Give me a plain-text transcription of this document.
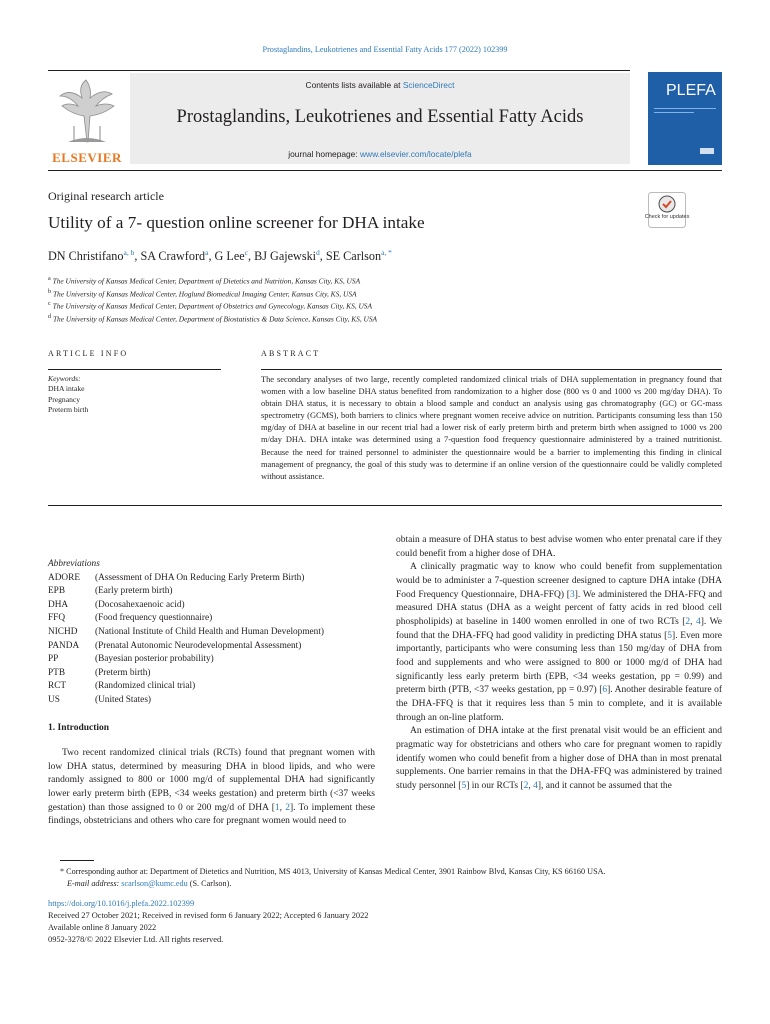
Prostaglandins, Leukotrienes and Essential Fatty Acids 177 (2022) 102399
ELSEVIER
Contents lists available at ScienceDirect
Prostaglandins, Leukotrienes and Essential Fatty Acids
journal homepage: www.elsevier.com/locate/plefa
PLEFA
Original research article
Utility of a 7- question online screener for DHA intake	Check for updates
DN Christifano$^{a, b}$, SA Crawford$^a$, G Lee$^c$, BJ Gajewski$^d$, SE Carlson$^{a, *}$
$^a$ The University of Kansas Medical Center, Department of Dietetics and Nutrition, Kansas City, KS, USA
$^b$ The University of Kansas Medical Center, Hoglund Biomedical Imaging Center, Kansas City, KS, USA
$^c$ The University of Kansas Medical Center, Department of Obstetrics and Gynecology, Kansas City, KS, USA
$^d$ The University of Kansas Medical Center, Department of Biostatistics & Data Science, Kansas City, KS, USA
ARTICLE INFO	ABSTRACT
Keywords:
DHA intake
Pregnancy
Preterm birth
The secondary analyses of two large, recently completed randomized clinical trials of DHA supplementation in pregnancy found that women with a low baseline DHA status benefited from randomization to a higher dose (800 vs 0 and 1000 vs 200 mg/day DHA). To obtain DHA status, it is necessary to obtain a blood sample and conduct an analysis using gas chromatography (GC) or GC-mass spectrometry (GCMS), both barriers to clinics where pregnant women receive advice on nutrition. Participants consuming less than 150 mg/day of DHA at baseline in our recent trial had a lower risk of early preterm birth and preterm birth when assigned to 1000 vs 200 m/day DHA. DHA intake was determined using a 7-question food frequency questionnaire administered by a trained nutritionist. Because the need for trained personnel to administer the questionnaire would be a barrier to implementing this finding in clinical management of pregnancy, the goal of this study was to determine if an online version of the questionnaire could be validly completed without assistance.
Abbreviations
ADORE	(Assessment of DHA On Reducing Early Preterm Birth)
EPB	(Early preterm birth)
DHA	(Docosahexaenoic acid)
FFQ	(Food frequency questionnaire)
NICHD	(National Institute of Child Health and Human Development)
PANDA	(Prenatal Autonomic Neurodevelopmental Assessment)
PP	(Bayesian posterior probability)
PTB	(Preterm birth)
RCT	(Randomized clinical trial)
US	(United States)
1. Introduction
Two recent randomized clinical trials (RCTs) found that pregnant women with low DHA status, determined by measuring DHA in blood lipids, and who were randomly assigned to 800 or 1000 mg/d of supplemental DHA had significantly lower early preterm birth (EPB, <34 weeks gestation) and preterm birth (<37 weeks gestation) than those assigned to 0 or 200 mg/d of DHA [1, 2]. To implement these findings, obstetricians and others who care for pregnant women would need to
obtain a measure of DHA status to best advise women who enter prenatal care if they could benefit from a higher dose of DHA.
A clinically pragmatic way to know who could benefit from supplementation would be to administer a 7-question screener designed to capture DHA intake (DHA Food Frequency Questionnaire, DHA-FFQ) [3]. We administered the DHA-FFQ and measured DHA status (DHA as a weight percent of fatty acids in red blood cell phospholipids) at baseline in 1400 women enrolled in one of two RCTs [2, 4]. We found that the DHA-FFQ had good validity in predicting DHA status [5]. Even more importantly, participants who were consuming less than 150 mg/day of DHA from food and supplements and who were assigned to 800 or 1000 mg/d of DHA had significantly less early preterm birth (EPB, <34 weeks gestation, pp = 0.99) and preterm birth (PTB, <37 weeks gestation, pp = 0.97) [6]. Another desirable feature of the DHA-FFQ is that it requires less than 5 min to complete, and it is available through an on-line platform.
An estimation of DHA intake at the first prenatal visit would be an efficient and pragmatic way for obstetricians and others who care for pregnant women to rapidly identify women who could benefit from a higher dose of DHA than in most prenatal supplements. One barrier remains in that the DHA-FFQ was administered by trained study personnel [5] in our RCTs [2, 4], and it cannot be assumed that the
* Corresponding author at: Department of Dietetics and Nutrition, MS 4013, University of Kansas Medical Center, 3901 Rainbow Blvd, Kansas City, KS 66160 USA.
E-mail address: scarlson@kumc.edu (S. Carlson).
https://doi.org/10.1016/j.plefa.2022.102399
Received 27 October 2021; Received in revised form 6 January 2022; Accepted 6 January 2022
Available online 8 January 2022
0952-3278/© 2022 Elsevier Ltd. All rights reserved.
